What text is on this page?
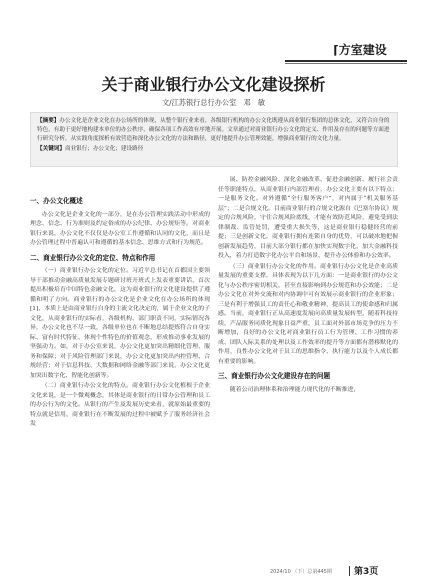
⌈方室建设
关于商业银行办公文化建设探析
文/江苏银行总行办公室　邓　敏
【摘要】办公文化是企业文化在办公场所的体现，从整个银行业来看，各级银行机构的办公文化既遵从商业银行集团的总体文化，又符合自身的特色，有助于更好地构建本单位的办公秩序，确保各项工作高效有序地开展。文章通过对商业银行办公文化的定义、作用及存在的问题等方面进行研究分析，从实践角度探析有效营造和深化办公文化的方法和路径，更好地提升办公管理效能，增强商业银行的文化力量。
【关键词】商业银行；办公文化；建设路径
一、办公文化概述

办公文化是企业文化的一部分，是在办公管理实践活动中形成的理念、信念、行为准则及约定俗成的办公纪律、办公规矩等。对商业银行来说，办公文化不仅仅是办公室工作遵循和认同的文化，而且是办公管理过程中普遍认可和遵循的基本信念、思维方式和行为规范。

二、商业银行办公文化的定位、特点和作用

（一）商业银行办公文化的定位。习近平总书记在首都国主要领导干部推动金融高质量发展专题研讨班开班式上发表重要讲话，首次提出积极培育中国特色金融文化，这为商业银行的文化建设提供了遵循和明了方向。商业银行的办公文化是企业文化在办公场所的体现[1]，本质上是由商业银行自身的主流文化决定的，属于企业文化的子文化，从商业银行的实际看，各级机构、部门职责不同，实际情况各异，办公文化也不尽一致，各级单位也在不断地总结提炼符合自身实际、富有时代特征、体现个性特色的价值观念，形成推动事业发展的坚强动力。如，对于办公室来说，办公文化更加突出精细化管理、服务和保障；对于风险管理部门来说，办公文化更加突出内控管理、合规经营；对于信息科技、大数据和网络金融等部门来说，办公文化更加突出数字化、智能化创新等。

（二）商业银行办公文化的特点。商业银行办公文化植根于企业文化来说，是一个微观概念，其体是商业银行的日常办公管理和员工的办公行为的文化。从银行的产生及发展历史来看，就原始最重要的特点就是信用，商业银行在不断发展的过程中被赋予了服务经济社会发

展、防控金融风险、深化金融改革、促进金融创新、履行社会责任等职能特点，从商业银行内部管理看，办公文化主要有以下特点：一是服务文化。对外遵循“全行服务客户”，对内属于“机关服务基层”；二是合规文化。目前商业银行的合规文化源自《巴塞尔协议》规定的合规风险，守住合规风险底线，才能有效防范风险，避免受到法律制裁、监管处罚，遭受重大损失等，这是商业银行稳健经营的前提；三是创新文化。商业银行拥有连锁自身的优势，可以破冰地把握创新发展趋势，目前大部分银行都在加快实现数字化，加大金融科技投入，着力打造数字化办公平台和场景，提升办公体验和办公效率。

（三）商业银行办公文化的作用。商业银行办公文化是企业高质量发展的重要支撑，具体表现为以下几方面：一是商业银行的办公文化与办公秩序密切相关，甚至直接影响到办公规范和办公效能；二是办公文化在对外交流和对内协调中可有效展示商业银行的企业形象；三是有利于增强员工的责任心和敬业精神，提高员工的使命感和归属感。当前，商业银行正从高速度发展向高质量发展转型，随着科技持续，产品服务同质化现象日益严重，员工面对外部市场竞争的压力不断增加，良好的办公文化对商业银行员工行为管理、工作习惯的养成、团队人际关系的处理以及工作效率的提升等方面都有潜移默化的作用，良性办公文化对于员工的思维指令、执行能力以及个人成长都有重要的影响。

三、商业银行办公文化建设存在的问题

随着公司治理体系和治理能力现代化的不断推进，

2024/10 （下）总第445期 第3页
